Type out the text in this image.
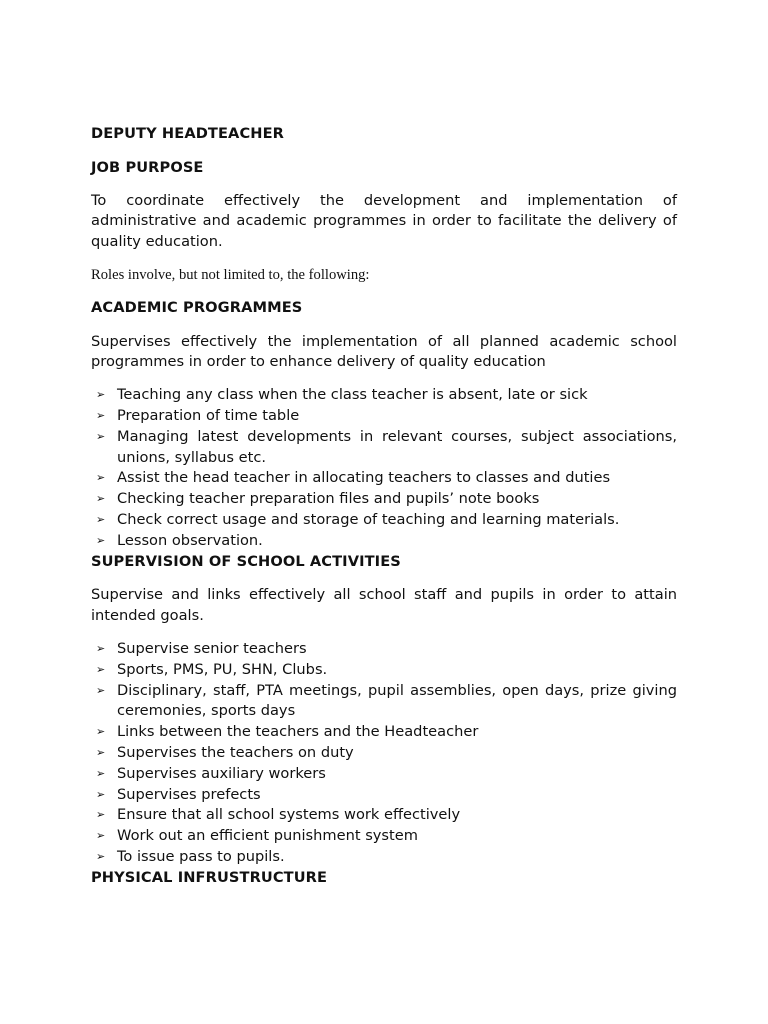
DEPUTY HEADTEACHER

JOB PURPOSE

To coordinate effectively the development and implementation of administrative and academic programmes in order to facilitate the delivery of quality education.

Roles involve, but not limited to, the following:

ACADEMIC PROGRAMMES

Supervises effectively the implementation of all planned academic school programmes in order to enhance delivery of quality education

➢ Teaching any class when the class teacher is absent, late or sick
➢ Preparation of time table
➢ Managing latest developments in relevant courses, subject associations, unions, syllabus etc.
➢ Assist the head teacher in allocating teachers to classes and duties
➢ Checking teacher preparation files and pupils’ note books
➢ Check correct usage and storage of teaching and learning materials.
➢ Lesson observation.

SUPERVISION OF SCHOOL ACTIVITIES

Supervise and links effectively all school staff and pupils in order to attain intended goals.

➢ Supervise senior teachers
➢ Sports, PMS, PU, SHN, Clubs.
➢ Disciplinary, staff, PTA meetings, pupil assemblies, open days, prize giving ceremonies, sports days
➢ Links between the teachers and the Headteacher
➢ Supervises the teachers on duty
➢ Supervises auxiliary workers
➢ Supervises prefects
➢ Ensure that all school systems work effectively
➢ Work out an efficient punishment system
➢ To issue pass to pupils.

PHYSICAL INFRUSTRUCTURE
